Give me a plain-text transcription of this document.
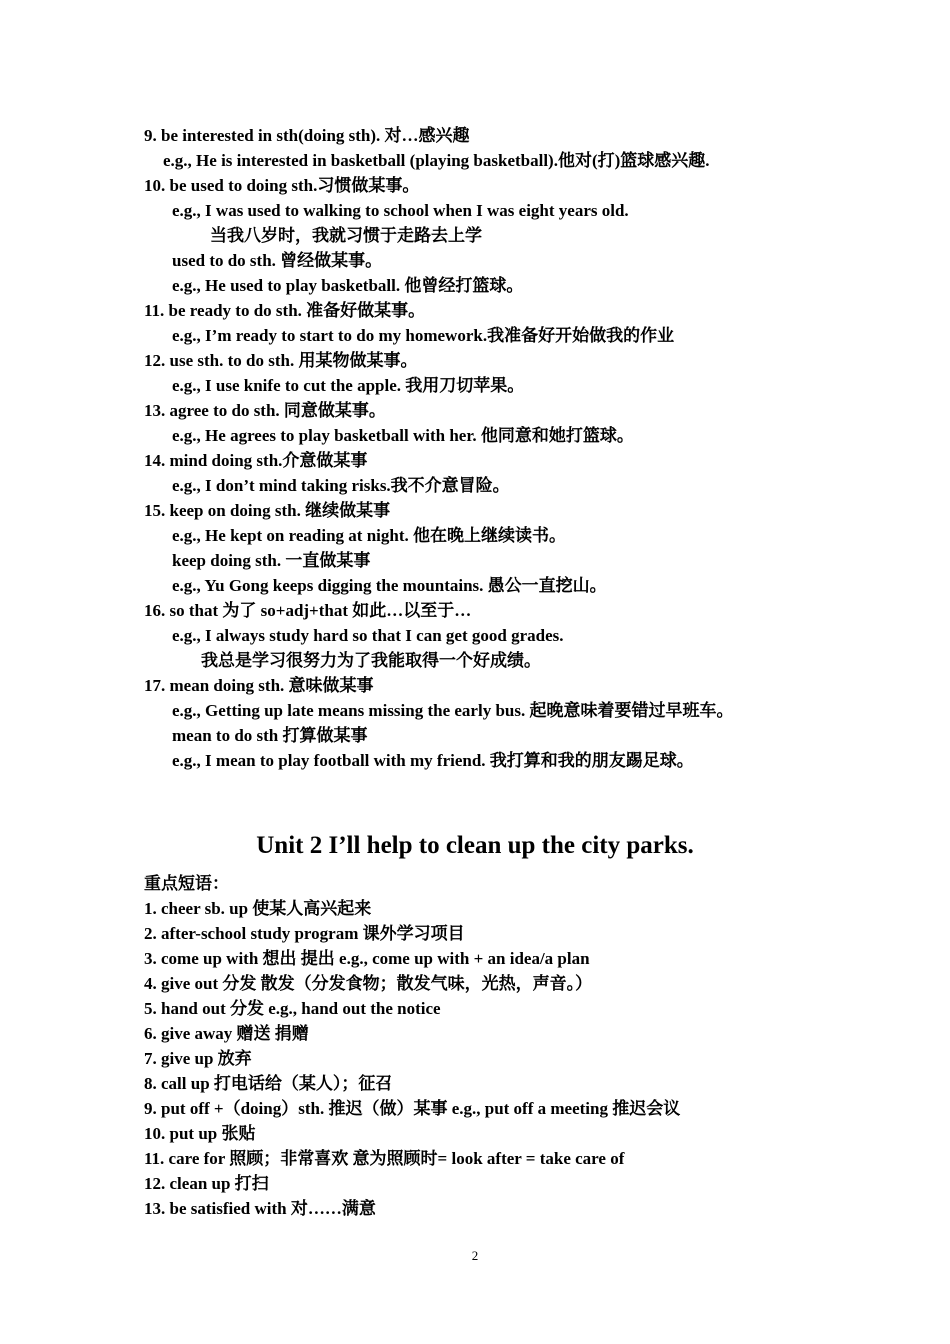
9. be interested in sth(doing sth). 对…感兴趣
e.g., He is interested in basketball (playing basketball).他对(打)篮球感兴趣.
10. be used to doing sth.习惯做某事。
e.g., I was used to walking to school when I was eight years old.
当我八岁时，我就习惯于走路去上学
used to do sth. 曾经做某事。
e.g., He used to play basketball. 他曾经打篮球。
11. be ready to do sth. 准备好做某事。
e.g., I’m ready to start to do my homework.我准备好开始做我的作业
12. use sth. to do sth. 用某物做某事。
e.g., I use knife to cut the apple. 我用刀切苹果。
13. agree to do sth. 同意做某事。
e.g., He agrees to play basketball with her. 他同意和她打篮球。
14. mind doing sth.介意做某事
e.g., I don’t mind taking risks.我不介意冒险。
15. keep on doing sth. 继续做某事
e.g., He kept on reading at night. 他在晚上继续读书。
keep doing sth. 一直做某事
e.g., Yu Gong keeps digging the mountains. 愚公一直挖山。
16. so that 为了 so+adj+that 如此…以至于…
e.g., I always study hard so that I can get good grades.
我总是学习很努力为了我能取得一个好成绩。
17. mean doing sth. 意味做某事
e.g., Getting up late means missing the early bus. 起晚意味着要错过早班车。
mean to do sth 打算做某事
e.g., I mean to play football with my friend. 我打算和我的朋友踢足球。
Unit 2 I’ll help to clean up the city parks.
重点短语：
1. cheer sb. up 使某人高兴起来
2. after-school study program 课外学习项目
3. come up with 想出 提出 e.g., come up with + an idea/a plan
4. give out 分发 散发（分发食物；散发气味，光热，声音。）
5. hand out 分发 e.g., hand out the notice
6. give away 赠送 捐赠
7. give up 放弃
8. call up 打电话给（某人）；征召
9. put off +（doing）sth. 推迟（做）某事 e.g., put off a meeting 推迟会议
10. put up 张贴
11. care for 照顾；非常喜欢 意为照顾时= look after = take care of
12. clean up 打扫
13. be satisfied with 对……满意
2
